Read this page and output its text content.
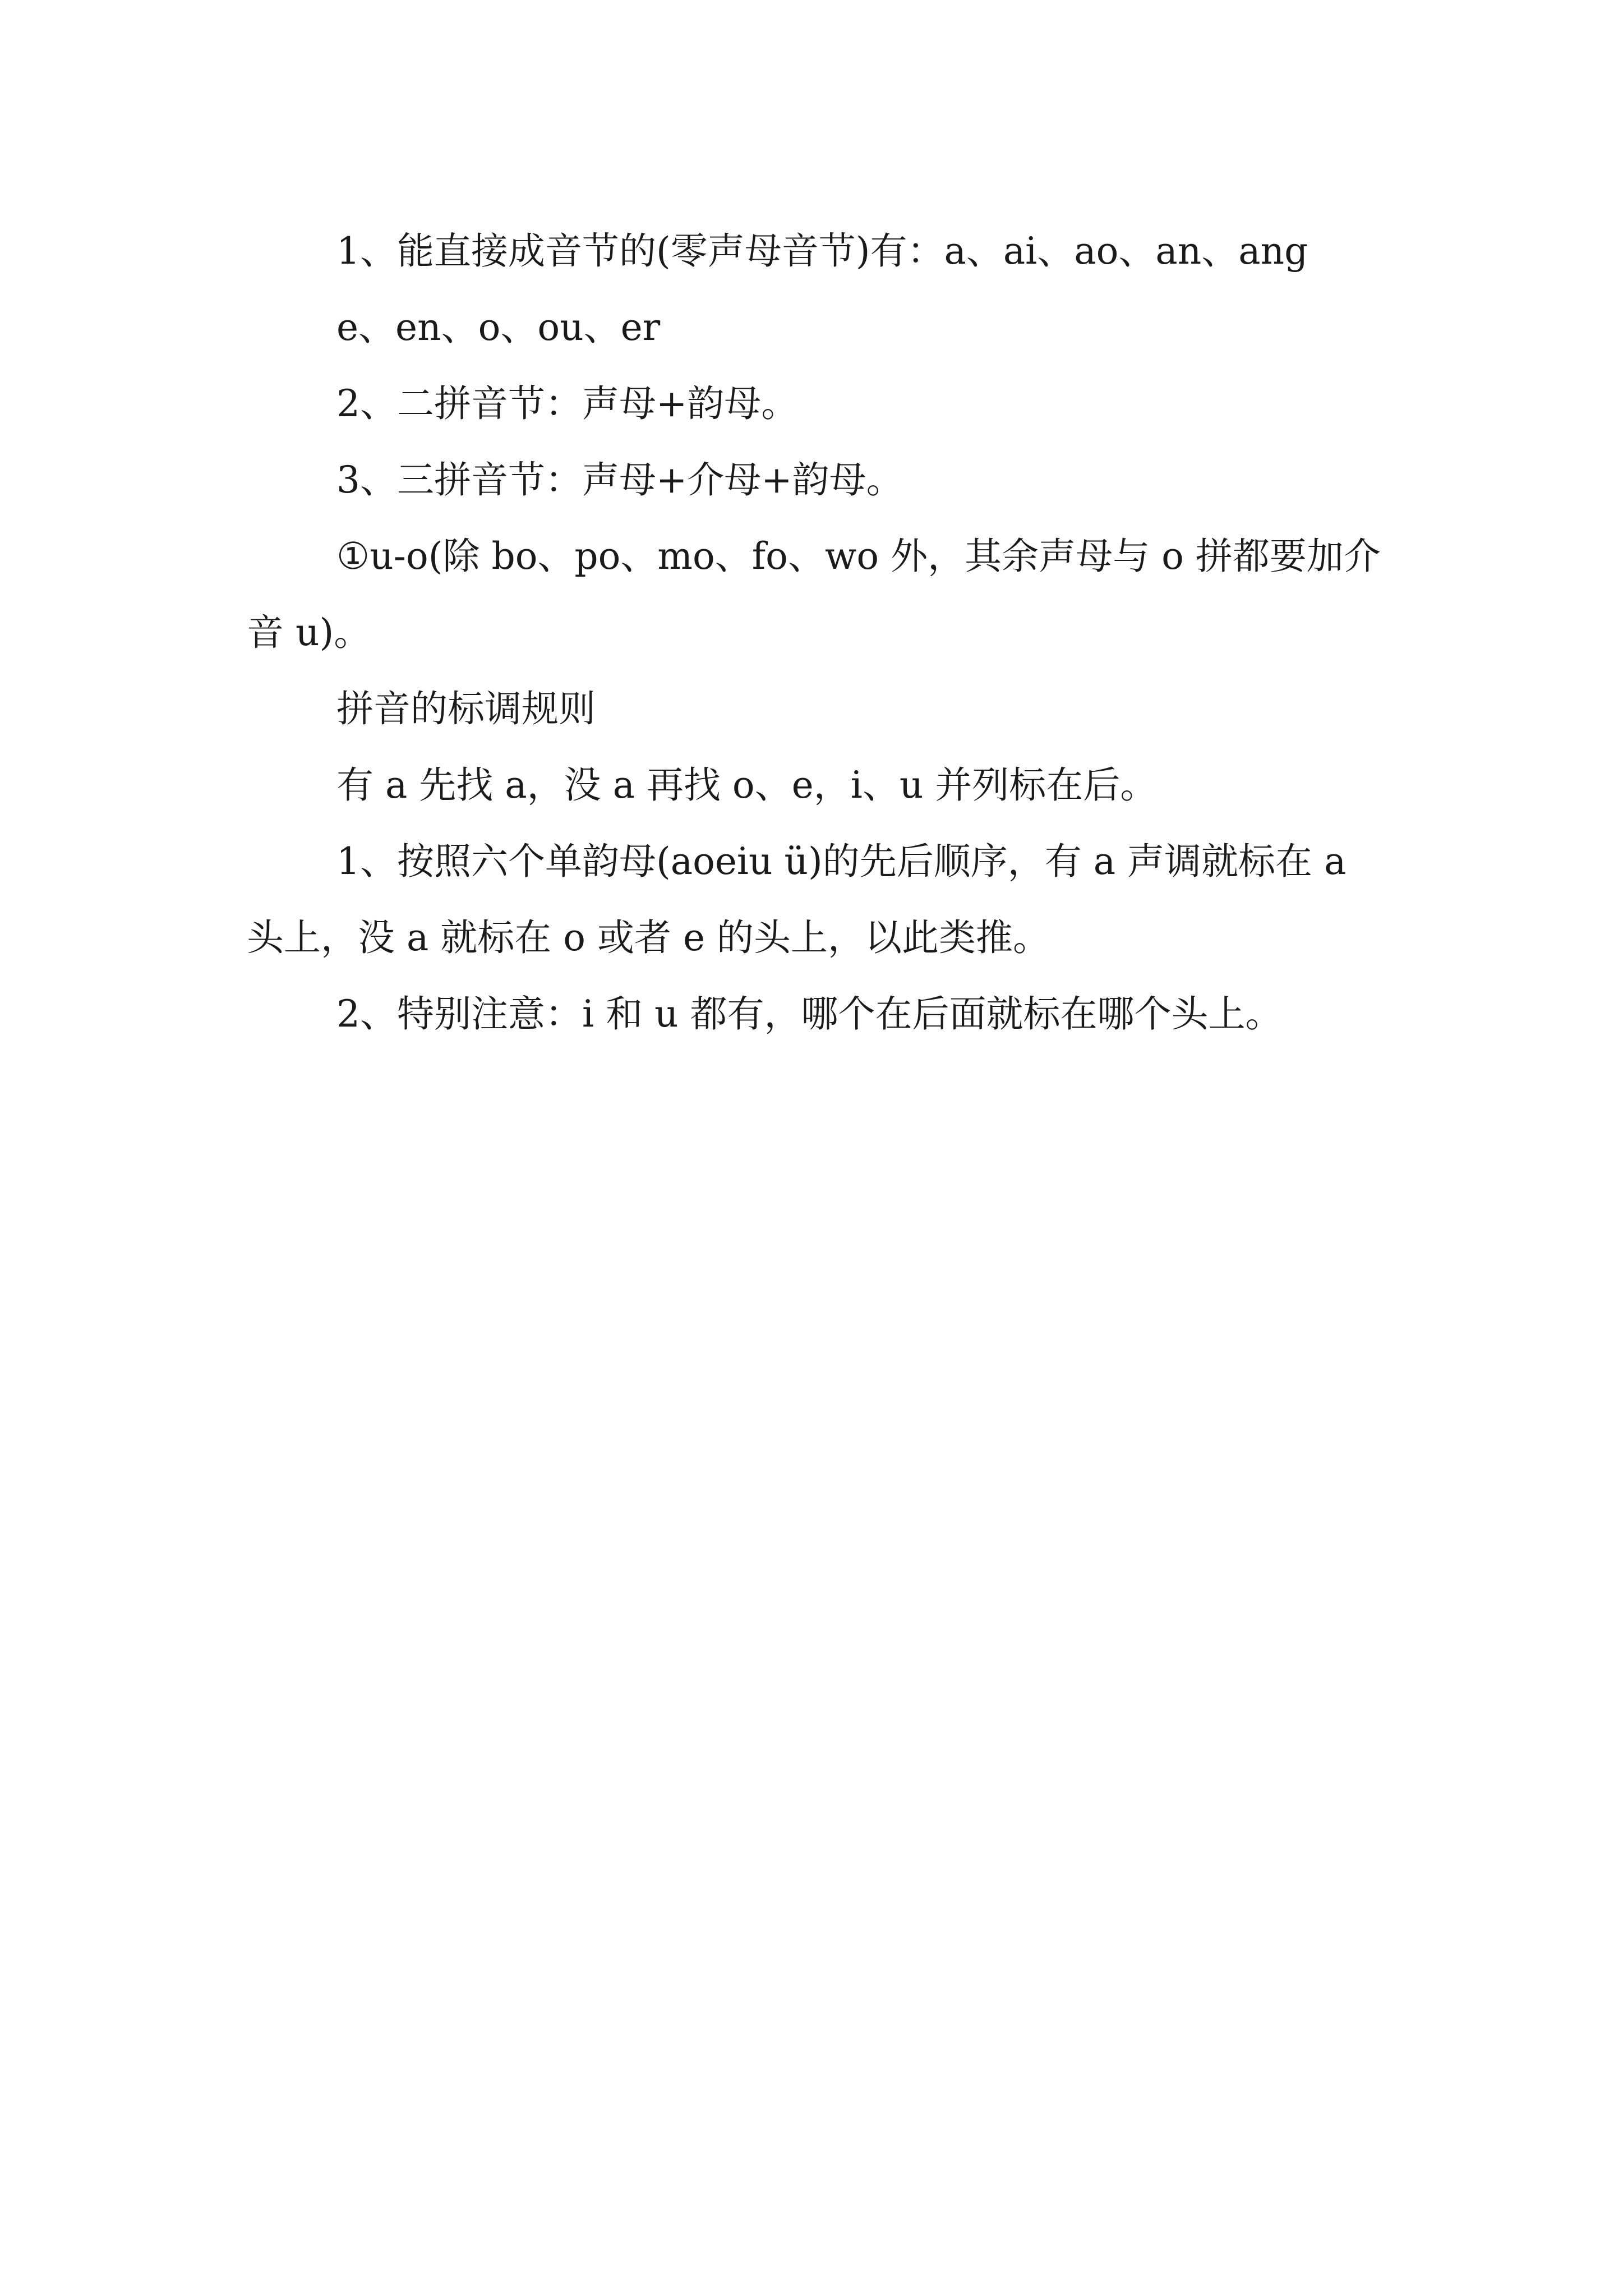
1、能直接成音节的(零声母音节)有：a、ai、ao、an、ang

e、en、o、ou、er

2、二拼音节：声母+韵母。

3、三拼音节：声母+介母+韵母。

①u-o(除 bo、po、mo、fo、wo 外，其余声母与 o 拼都要加介音 u)。

拼音的标调规则

有 a 先找 a，没 a 再找 o、e，i、u 并列标在后。

1、按照六个单韵母(aoeiu ü)的先后顺序，有 a 声调就标在 a 头上，没 a 就标在 o 或者 e 的头上，以此类推。

2、特别注意：i 和 u 都有，哪个在后面就标在哪个头上。
